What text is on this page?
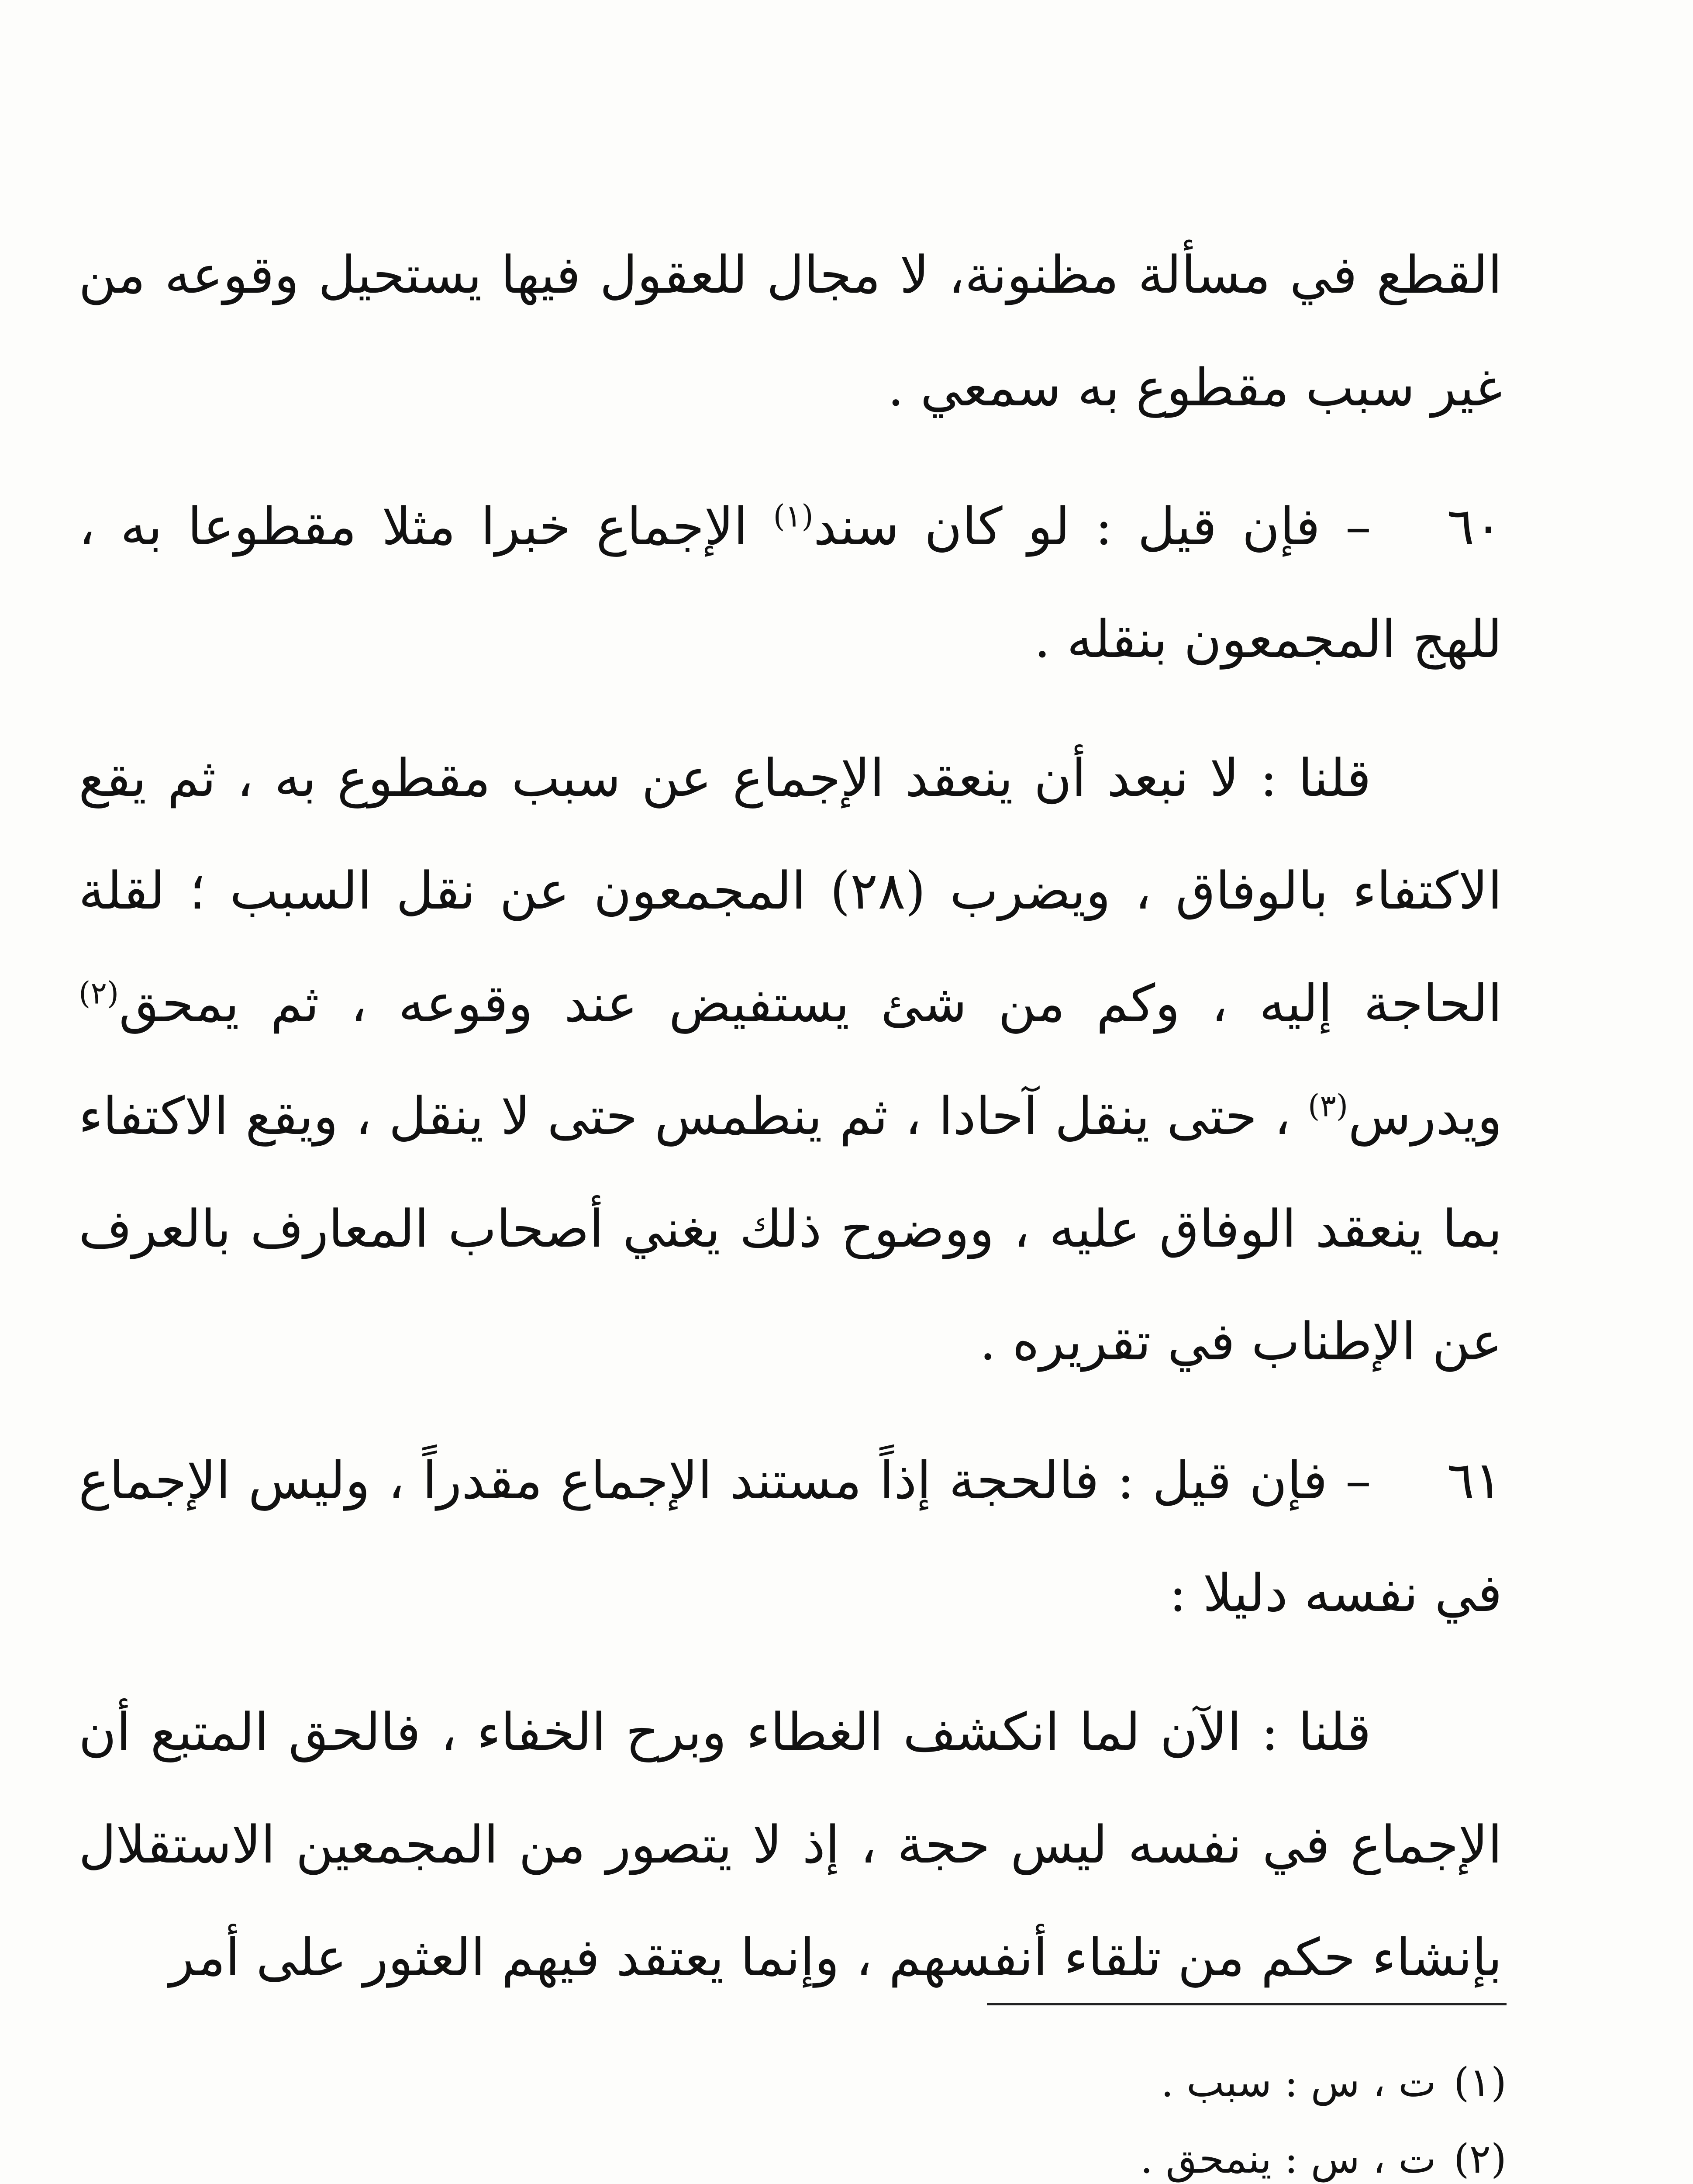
القطع في مسألة مظنونة، لا مجال للعقول فيها يستحيل وقوعه من غير سبب مقطوع به سمعي .

٦٠– فإن قيل : لو كان سند$^{(١)}$ الإجماع خبرا مثلا مقطوعا به ، للهج المجمعون بنقله .

قلنا : لا نبعد أن ينعقد الإجماع عن سبب مقطوع به ، ثم يقع الاكتفاء بالوفاق ، ويضرب (٢٨) المجمعون عن نقل السبب ؛ لقلة الحاجة إليه ، وكم من شئ يستفيض عند وقوعه ، ثم يمحق$^{(٢)}$ ويدرس$^{(٣)}$ ، حتى ينقل آحادا ، ثم ينطمس حتى لا ينقل ، ويقع الاكتفاء بما ينعقد الوفاق عليه ، ووضوح ذلك يغني أصحاب المعارف بالعرف عن الإطناب في تقريره .

٦١– فإن قيل : فالحجة إذاً مستند الإجماع مقدراً ، وليس الإجماع في نفسه دليلا :

قلنا : الآن لما انكشف الغطاء وبرح الخفاء ، فالحق المتبع أن الإجماع في نفسه ليس حجة ، إذ لا يتصور من المجمعين الاستقلال بإنشاء حكم من تلقاء أنفسهم ، وإنما يعتقد فيهم العثور على أمر

(١)ت ، س : سبب .

(٢)ت ، س : ينمحق .
